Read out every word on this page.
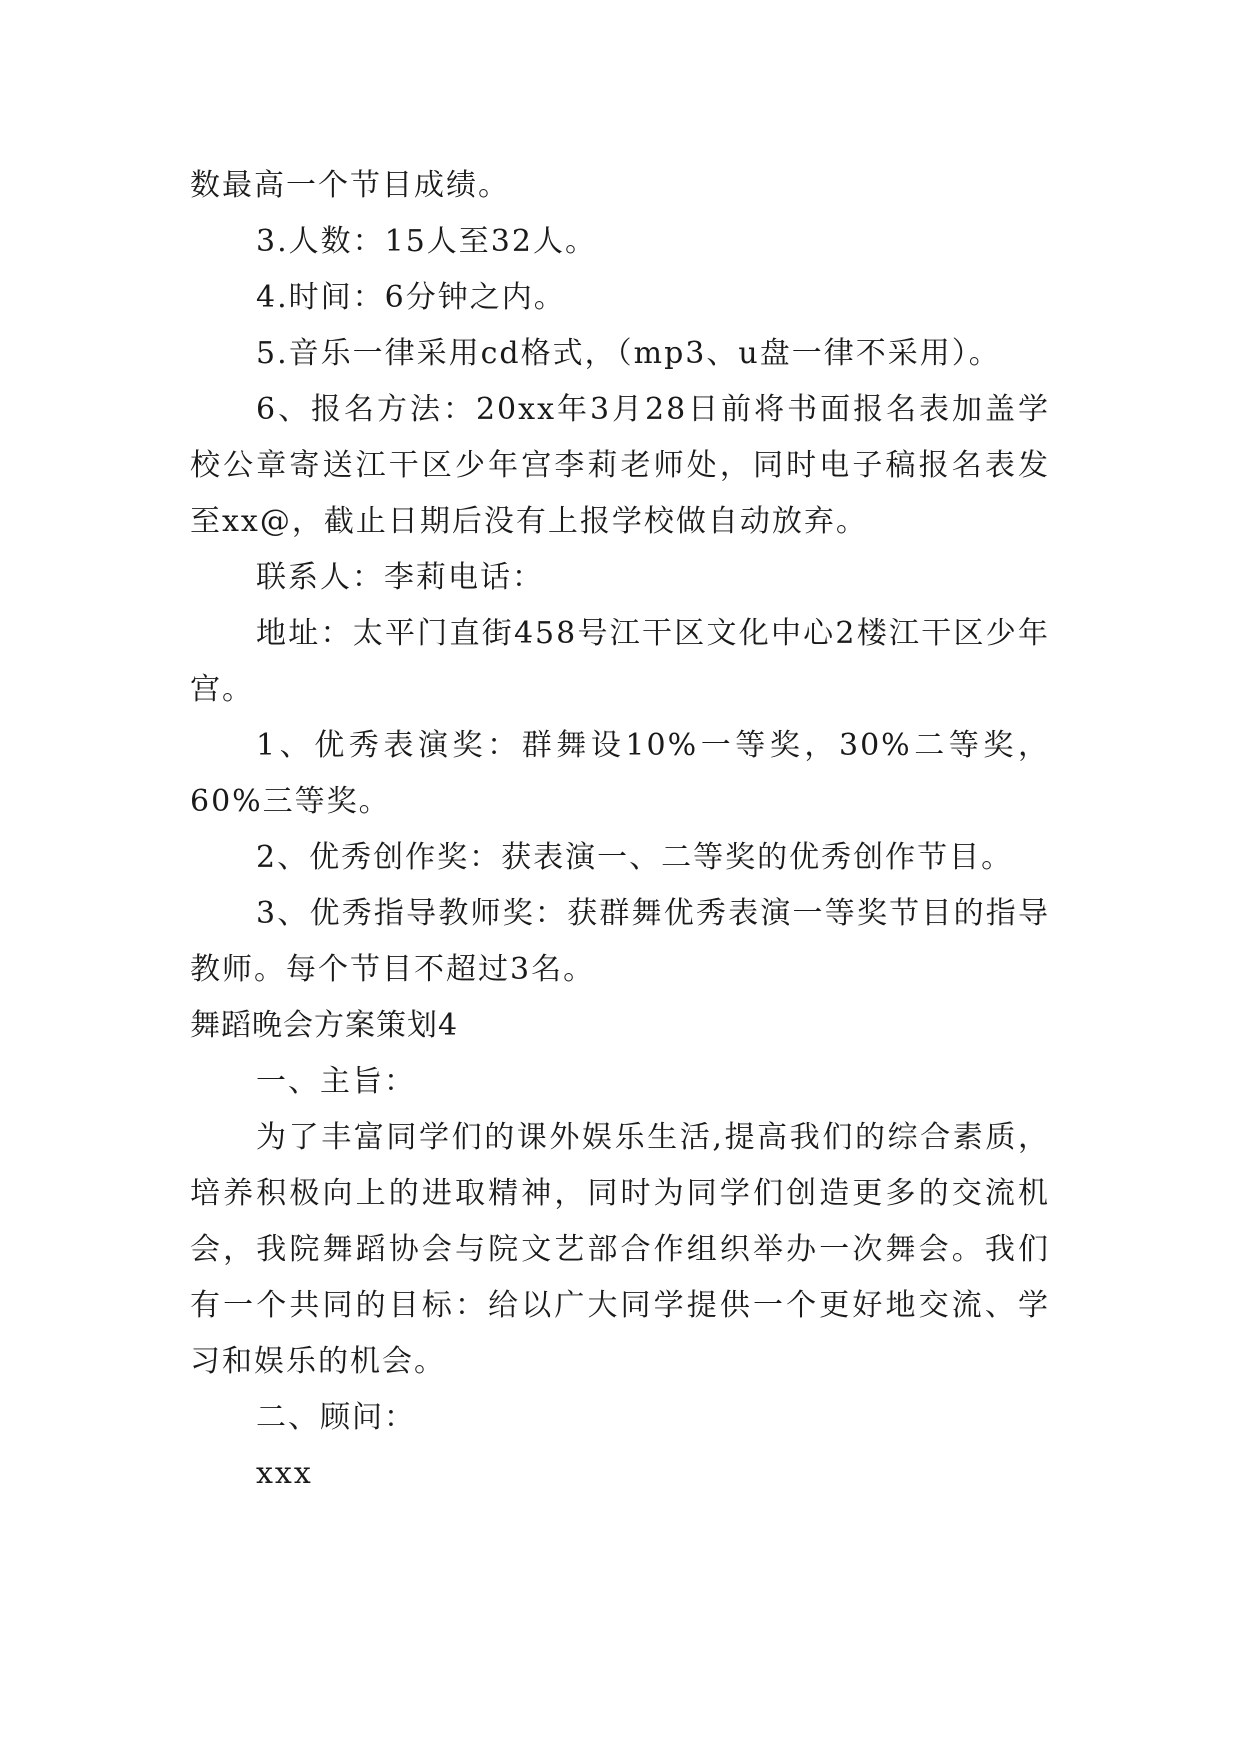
数最高一个节目成绩。

3.人数：15人至32人。

4.时间：6分钟之内。

5.音乐一律采用cd格式，（mp3、u盘一律不采用）。

6、报名方法：20xx年3月28日前将书面报名表加盖学校公章寄送江干区少年宫李莉老师处，同时电子稿报名表发至xx@，截止日期后没有上报学校做自动放弃。

联系人：李莉电话：

地址：太平门直街458号江干区文化中心2楼江干区少年宫。

1、优秀表演奖：群舞设10%一等奖，30%二等奖，60%三等奖。

2、优秀创作奖：获表演一、二等奖的优秀创作节目。

3、优秀指导教师奖：获群舞优秀表演一等奖节目的指导教师。每个节目不超过3名。

舞蹈晚会方案策划4

一、主旨：

为了丰富同学们的课外娱乐生活,提高我们的综合素质，培养积极向上的进取精神，同时为同学们创造更多的交流机会，我院舞蹈协会与院文艺部合作组织举办一次舞会。我们有一个共同的目标：给以广大同学提供一个更好地交流、学习和娱乐的机会。

二、顾问：

xxx
